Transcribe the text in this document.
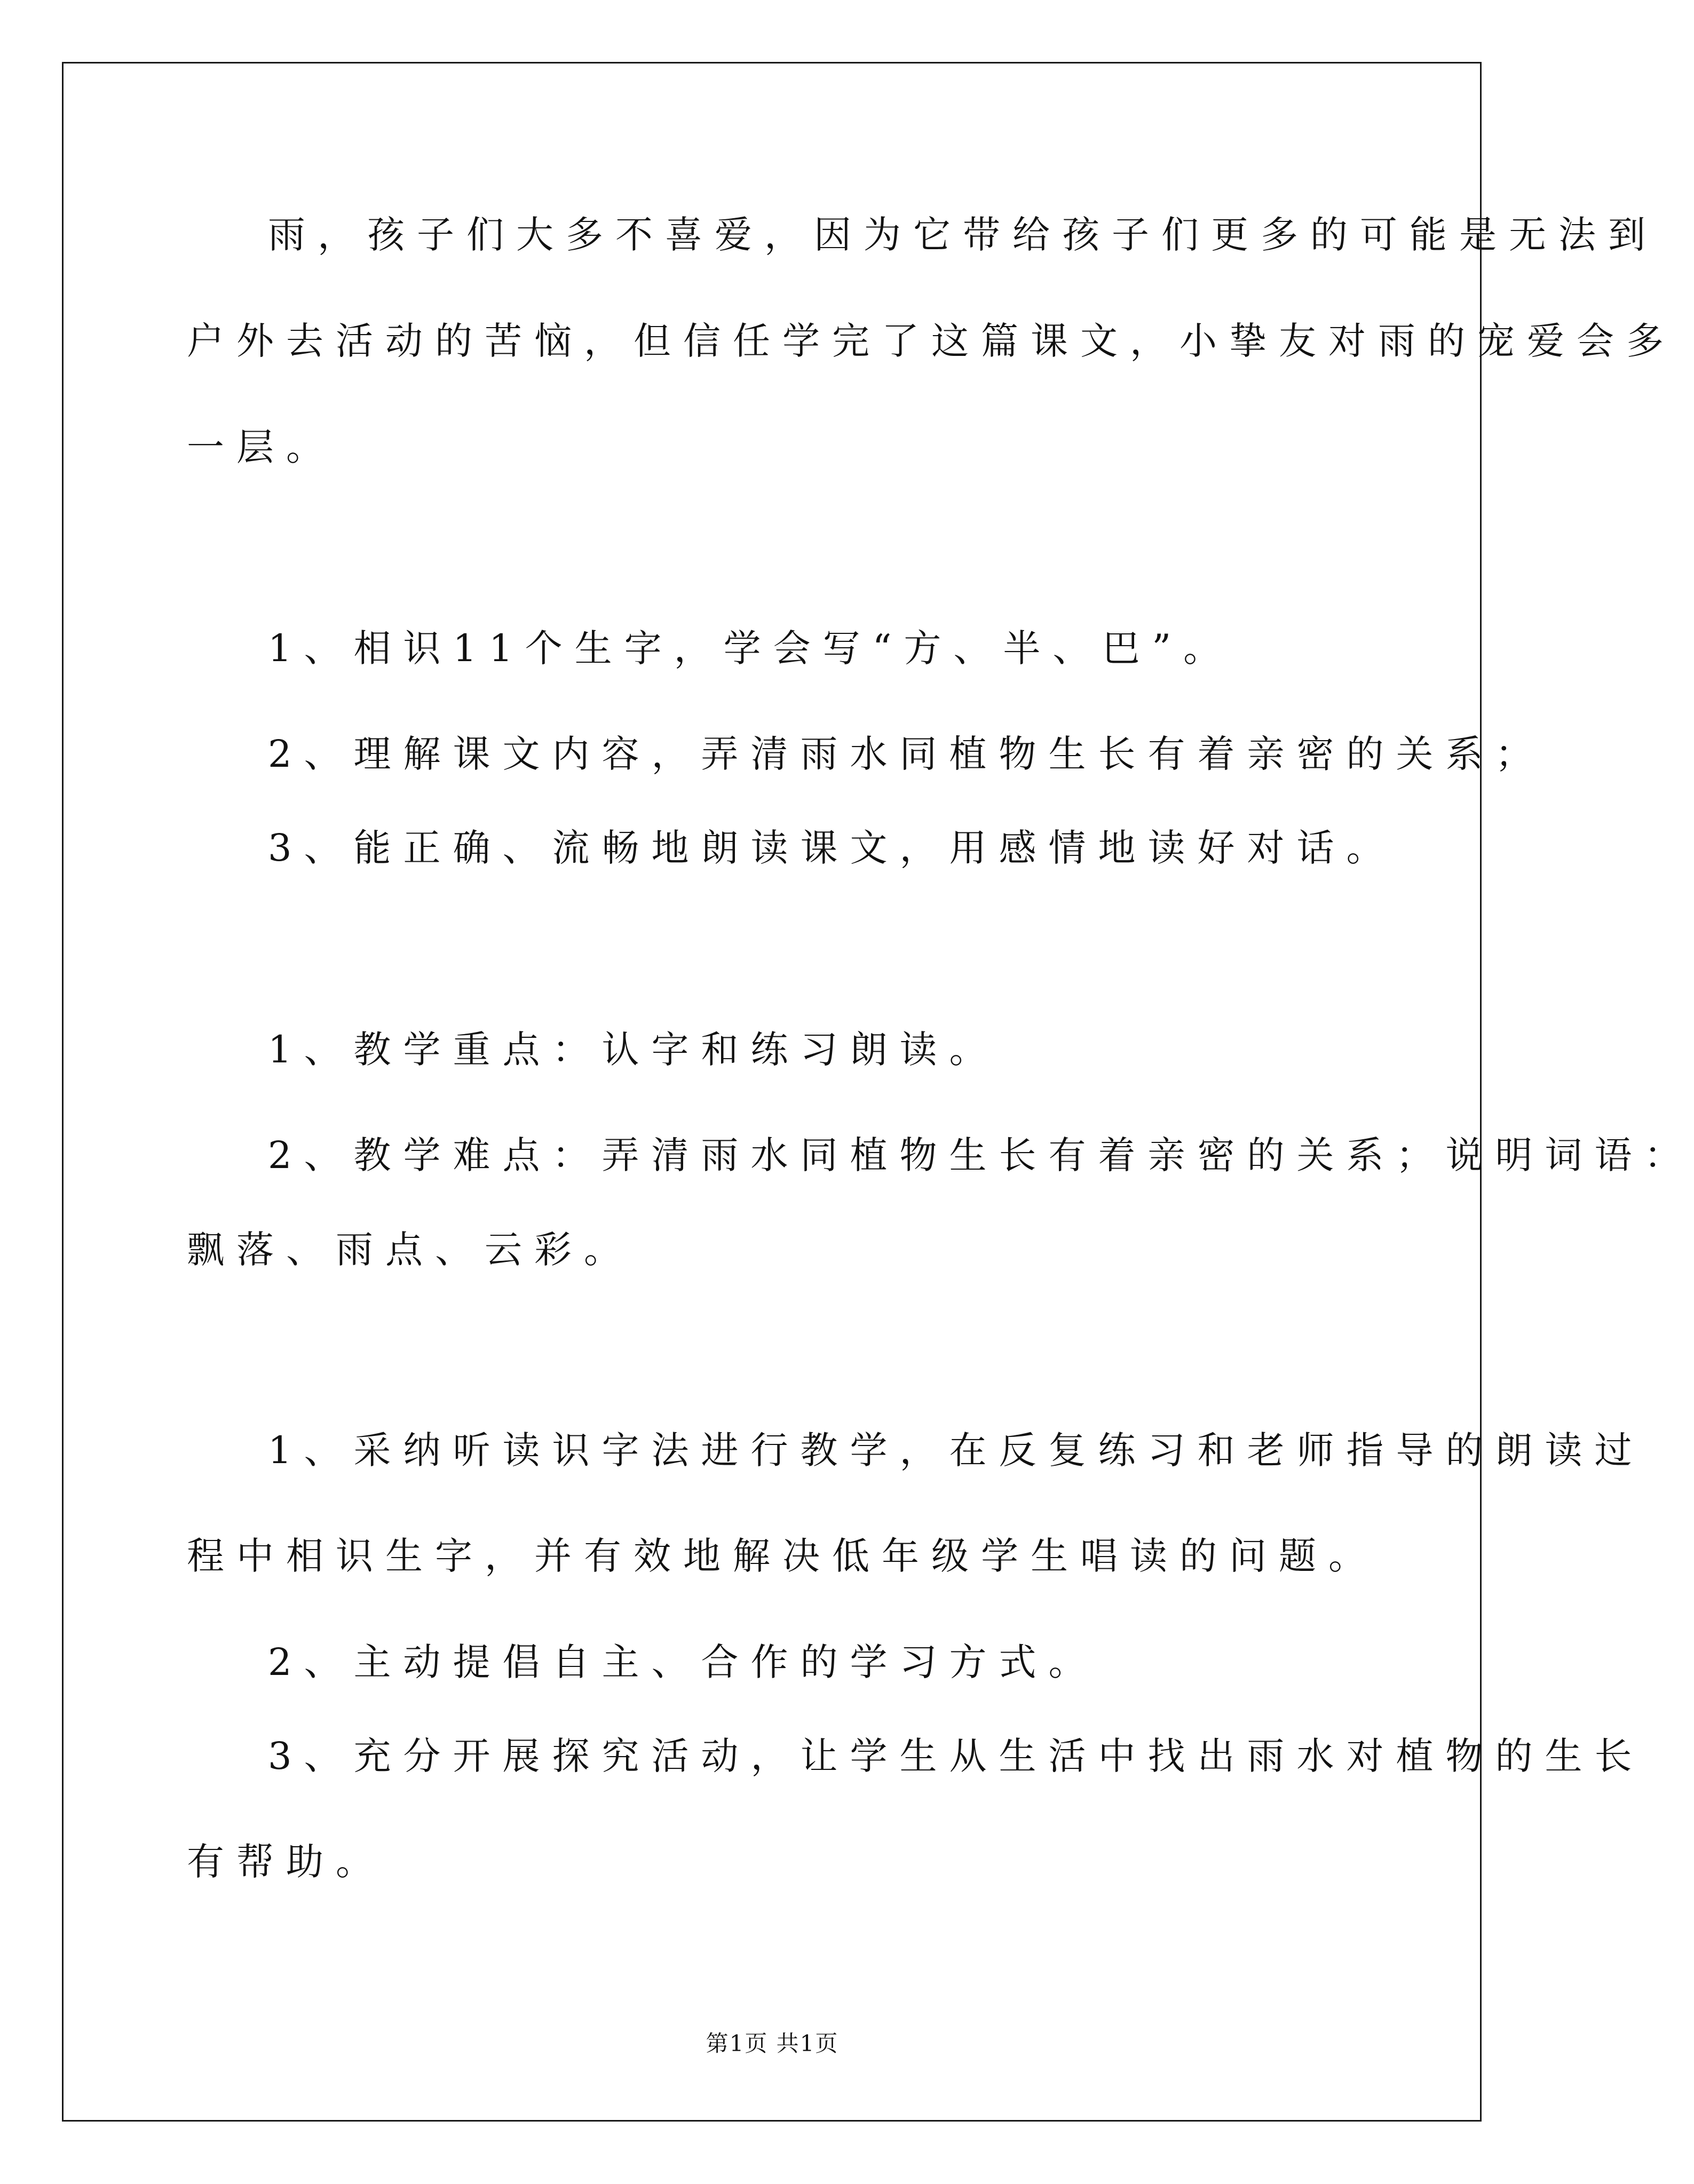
雨，孩子们大多不喜爱，因为它带给孩子们更多的可能是无法到
户外去活动的苦恼，但信任学完了这篇课文，小挚友对雨的宠爱会多
一层。
1、相识11个生字，学会写“方、半、巴”。
2、理解课文内容，弄清雨水同植物生长有着亲密的关系；
3、能正确、流畅地朗读课文，用感情地读好对话。
1、教学重点：认字和练习朗读。
2、教学难点：弄清雨水同植物生长有着亲密的关系；说明词语：
飘落、雨点、云彩。
1、采纳听读识字法进行教学，在反复练习和老师指导的朗读过
程中相识生字，并有效地解决低年级学生唱读的问题。
2、主动提倡自主、合作的学习方式。
3、充分开展探究活动，让学生从生活中找出雨水对植物的生长
有帮助。
第1页 共1页
